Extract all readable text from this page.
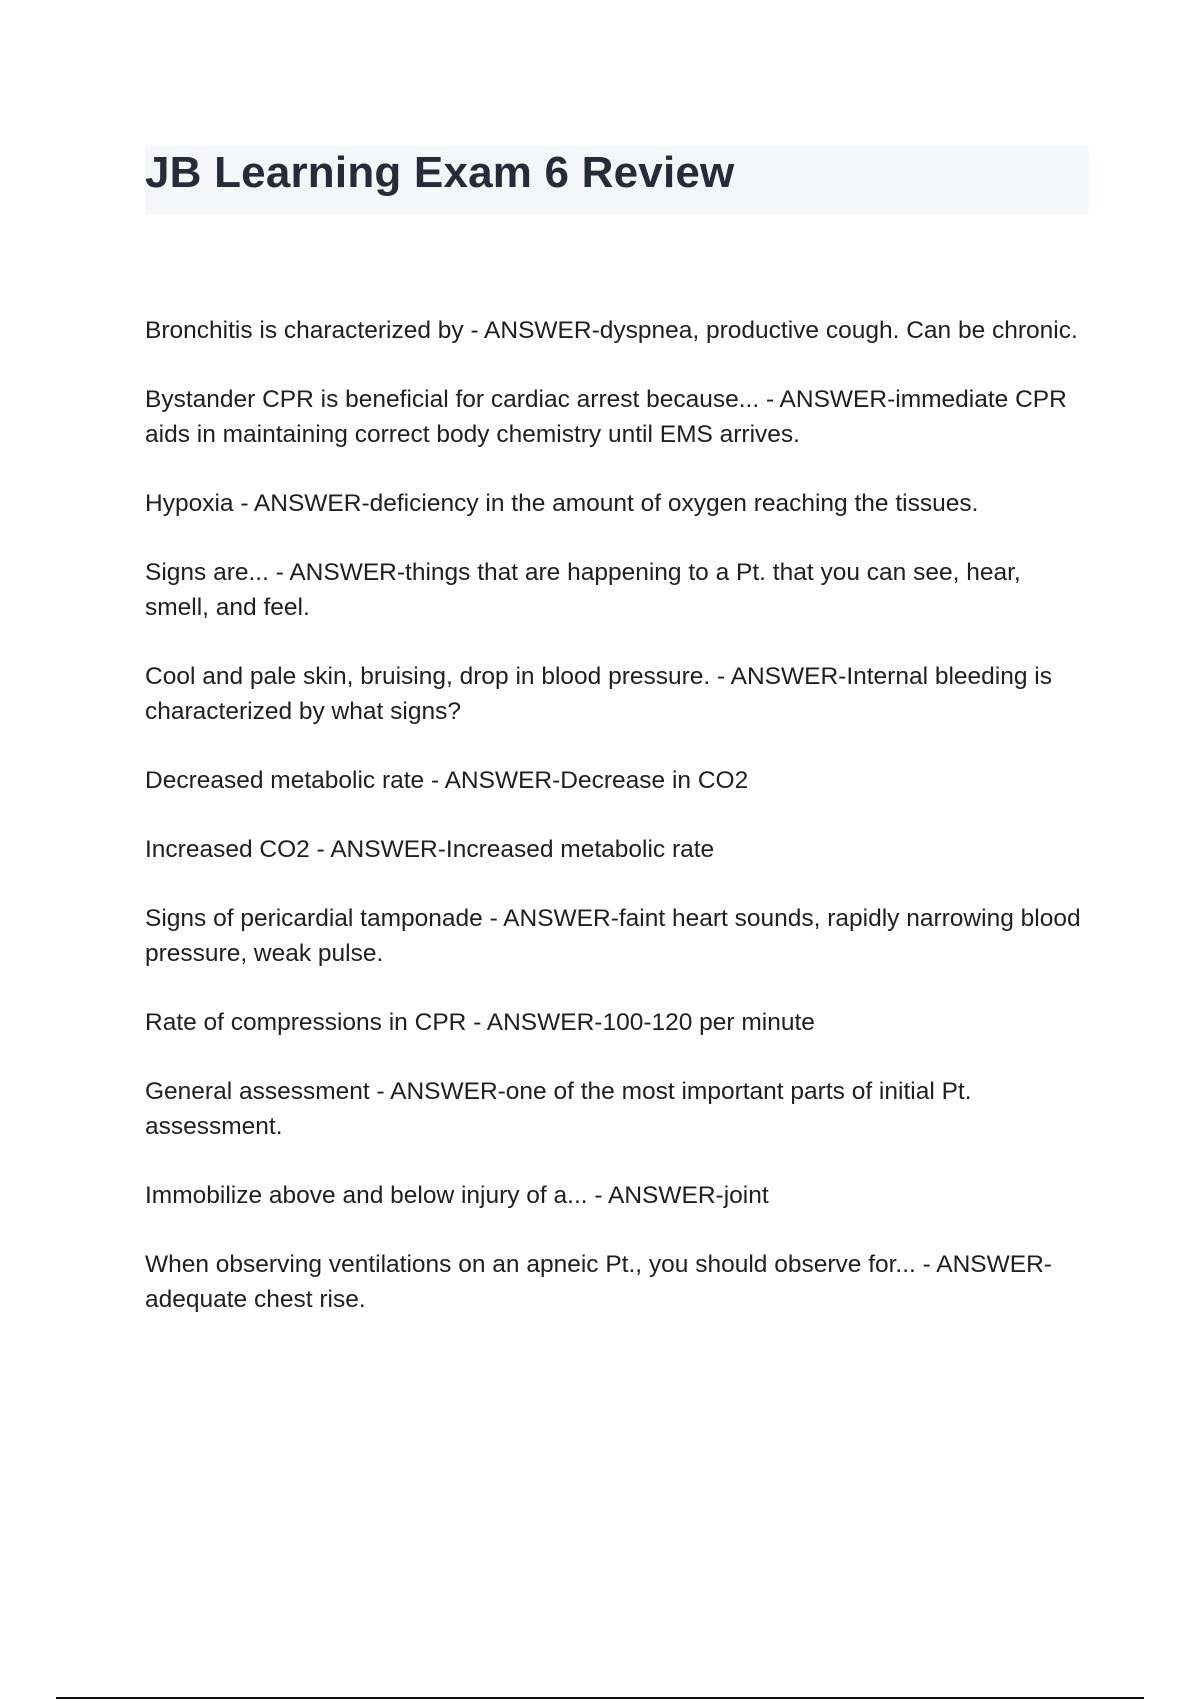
JB Learning Exam 6 Review
Bronchitis is characterized by - ANSWER-dyspnea, productive cough. Can be chronic.
Bystander CPR is beneficial for cardiac arrest because... - ANSWER-immediate CPR aids in maintaining correct body chemistry until EMS arrives.
Hypoxia - ANSWER-deficiency in the amount of oxygen reaching the tissues.
Signs are... - ANSWER-things that are happening to a Pt. that you can see, hear, smell, and feel.
Cool and pale skin, bruising, drop in blood pressure. - ANSWER-Internal bleeding is characterized by what signs?
Decreased metabolic rate - ANSWER-Decrease in CO2
Increased CO2 - ANSWER-Increased metabolic rate
Signs of pericardial tamponade - ANSWER-faint heart sounds, rapidly narrowing blood pressure, weak pulse.
Rate of compressions in CPR - ANSWER-100-120 per minute
General assessment - ANSWER-one of the most important parts of initial Pt. assessment.
Immobilize above and below injury of a... - ANSWER-joint
When observing ventilations on an apneic Pt., you should observe for... - ANSWER-adequate chest rise.
